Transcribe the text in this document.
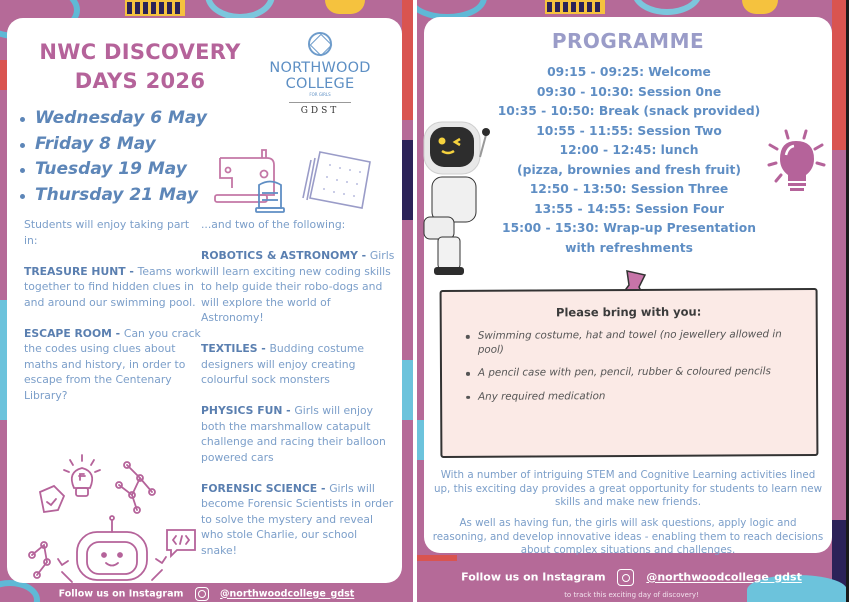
NWC DISCOVERY
DAYS 2026
NORTHWOOD
COLLEGE
FOR GIRLS
GDST
Wednesday 6 May
Friday 8 May
Tuesday 19 May
Thursday 21 May

Students will enjoy taking part in:

TREASURE HUNT - Teams work together to find hidden clues in and around our swimming pool.

ESCAPE ROOM - Can you crack the codes using clues about maths and history, in order to escape from the Centenary Library?

...and two of the following:

ROBOTICS & ASTRONOMY - Girls will learn exciting new coding skills to help guide their robo-dogs and will explore the world of Astronomy!

TEXTILES - Budding costume designers will enjoy creating colourful sock monsters

PHYSICS FUN - Girls will enjoy both the marshmallow catapult challenge and racing their balloon powered cars

FORENSIC SCIENCE - Girls will become Forensic Scientists in order to solve the mystery and reveal who stole Charlie, our school snake!

Follow us on Instagram	@northwoodcollege_gdst
PROGRAMME
09:15 - 09:25: Welcome
09:30 - 10:30: Session 0ne
10:35 - 10:50: Break (snack provided)
10:55 - 11:55: Session Two
12:00 - 12:45: lunch
(pizza, brownies and fresh fruit)
12:50 - 13:50: Session Three
13:55 - 14:55: Session Four
15:00 - 15:30: Wrap-up Presentation
with refreshments
Please bring with you:
Swimming costume, hat and towel (no jewellery allowed in pool)
A pencil case with pen, pencil, rubber & coloured pencils
Any required medication

With a number of intriguing STEM and Cognitive Learning activities lined up, this exciting day provides a great opportunity for students to learn new skills and make new friends.

As well as having fun, the girls will ask questions, apply logic and reasoning, and develop innovative ideas - enabling them to reach decisions about complex situations and challenges.

Follow us on Instagram	@northwoodcollege_gdst
to track this exciting day of discovery!
